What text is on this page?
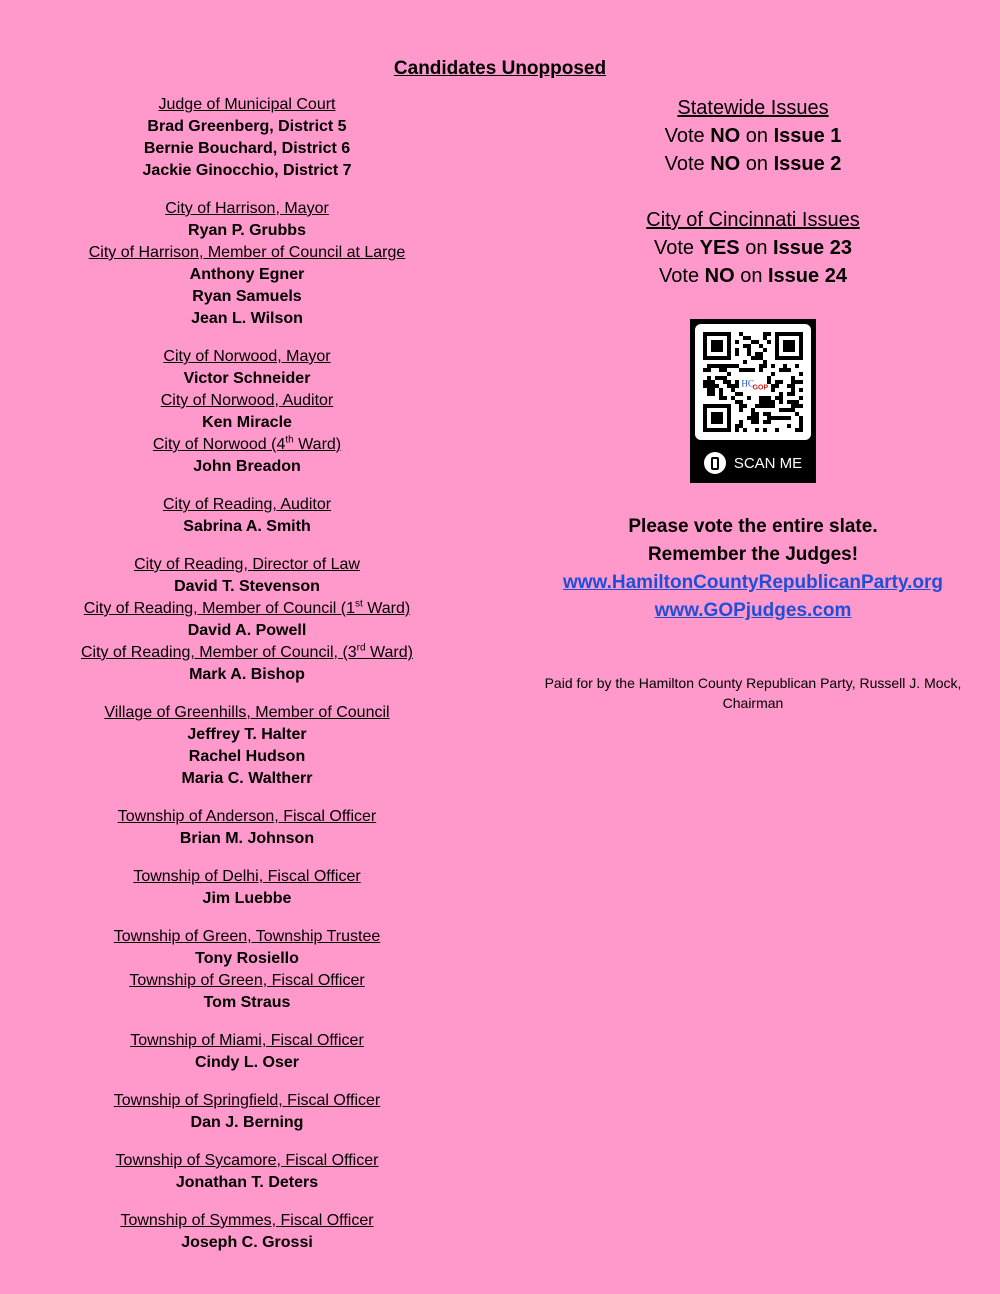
Candidates Unopposed
Judge of Municipal Court
Brad Greenberg, District 5
Bernie Bouchard, District 6
Jackie Ginocchio, District 7
City of Harrison, Mayor
Ryan P. Grubbs
City of Harrison, Member of Council at Large
Anthony Egner
Ryan Samuels
Jean L. Wilson
City of Norwood, Mayor
Victor Schneider
City of Norwood, Auditor
Ken Miracle
City of Norwood (4th Ward)
John Breadon
City of Reading, Auditor
Sabrina A. Smith
City of Reading, Director of Law
David T. Stevenson
City of Reading, Member of Council (1st Ward)
David A. Powell
City of Reading, Member of Council, (3rd Ward)
Mark A. Bishop
Village of Greenhills, Member of Council
Jeffrey T. Halter
Rachel Hudson
Maria C. Waltherr
Township of Anderson, Fiscal Officer
Brian M. Johnson
Township of Delhi, Fiscal Officer
Jim Luebbe
Township of Green, Township Trustee
Tony Rosiello
Township of Green, Fiscal Officer
Tom Straus
Township of Miami, Fiscal Officer
Cindy L. Oser
Township of Springfield, Fiscal Officer
Dan J. Berning
Township of Sycamore, Fiscal Officer
Jonathan T. Deters
Township of Symmes, Fiscal Officer
Joseph C. Grossi
Statewide Issues
Vote NO on Issue 1
Vote NO on Issue 2
City of Cincinnati Issues
Vote YES on Issue 23
Vote NO on Issue 24
HC
GOP
SCAN ME
Please vote the entire slate.
Remember the Judges!
www.HamiltonCountyRepublicanParty.org
www.GOPjudges.com
Paid for by the Hamilton County Republican Party, Russell J. Mock, Chairman
